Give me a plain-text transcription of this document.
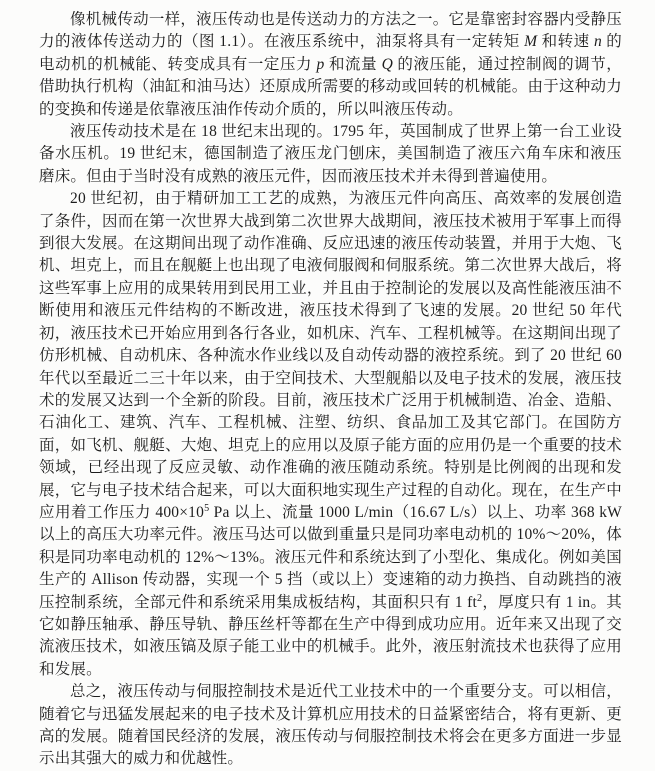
像机械传动一样，液压传动也是传送动力的方法之一。它是靠密封容器内受静压力的液体传送动力的（图 1.1）。在液压系统中，油泵将具有一定转矩 M 和转速 n 的电动机的机械能、转变成具有一定压力 p 和流量 Q 的液压能，通过控制阀的调节，借助执行机构（油缸和油马达）还原成所需要的移动或回转的机械能。由于这种动力的变换和传递是依靠液压油作传动介质的，所以叫液压传动。

液压传动技术是在 18 世纪末出现的。1795 年，英国制成了世界上第一台工业设备水压机。19 世纪末，德国制造了液压龙门刨床，美国制造了液压六角车床和液压磨床。但由于当时没有成熟的液压元件，因而液压技术并未得到普遍使用。

20 世纪初，由于精研加工工艺的成熟，为液压元件向高压、高效率的发展创造了条件，因而在第一次世界大战到第二次世界大战期间，液压技术被用于军事上而得到很大发展。在这期间出现了动作准确、反应迅速的液压传动装置，并用于大炮、飞机、坦克上，而且在舰艇上也出现了电液伺服阀和伺服系统。第二次世界大战后，将这些军事上应用的成果转用到民用工业，并且由于控制论的发展以及高性能液压油不断使用和液压元件结构的不断改进，液压技术得到了飞速的发展。20 世纪 50 年代初，液压技术已开始应用到各行各业，如机床、汽车、工程机械等。在这期间出现了仿形机械、自动机床、各种流水作业线以及自动传动器的液控系统。到了 20 世纪 60 年代以至最近二三十年以来，由于空间技术、大型舰船以及电子技术的发展，液压技术的发展又达到一个全新的阶段。目前，液压技术广泛用于机械制造、冶金、造船、石油化工、建筑、汽车、工程机械、注塑、纺织、食品加工及其它部门。在国防方面，如飞机、舰艇、大炮、坦克上的应用以及原子能方面的应用仍是一个重要的技术领域，已经出现了反应灵敏、动作准确的液压随动系统。特别是比例阀的出现和发展，它与电子技术结合起来，可以大面积地实现生产过程的自动化。现在，在生产中应用着工作压力 $400\times 10^5$ Pa 以上、流量 1000 L/min（16.67 L/s）以上、功率 368 kW 以上的高压大功率元件。液压马达可以做到重量只是同功率电动机的 10%～20%，体积是同功率电动机的 12%～13%。液压元件和系统达到了小型化、集成化。例如美国生产的 Allison 传动器，实现一个 5 挡（或以上）变速箱的动力换挡、自动跳挡的液压控制系统，全部元件和系统采用集成板结构，其面积只有 1 $ft^2$，厚度只有 1 in。其它如静压轴承、静压导轨、静压丝杆等都在生产中得到成功应用。近年来又出现了交流液压技术，如液压镐及原子能工业中的机械手。此外，液压射流技术也获得了应用和发展。

总之，液压传动与伺服控制技术是近代工业技术中的一个重要分支。可以相信，随着它与迅猛发展起来的电子技术及计算机应用技术的日益紧密结合，将有更新、更高的发展。随着国民经济的发展，液压传动与伺服控制技术将会在更多方面进一步显示出其强大的威力和优越性。
